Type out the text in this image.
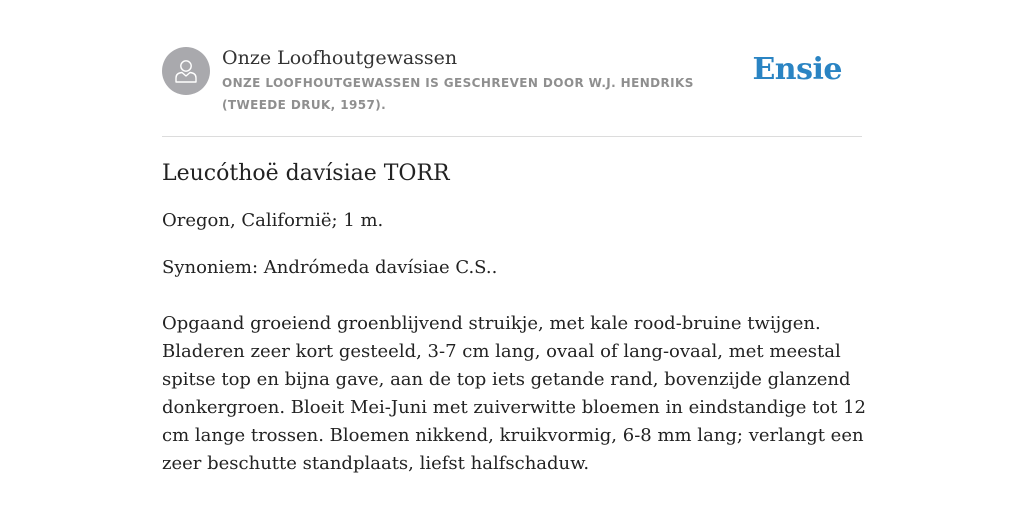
Onze Loofhoutgewassen
ONZE LOOFHOUTGEWASSEN IS GESCHREVEN DOOR W.J. HENDRIKS (TWEEDE DRUK, 1957).
Ensie
Leucóthoë davísiae TORR

Oregon, Californië; 1 m.

Synoniem: Andrómeda davísiae C.S..

Opgaand groeiend groenblijvend struikje, met kale rood-bruine twijgen. Bladeren zeer kort gesteeld, 3-7 cm lang, ovaal of lang-ovaal, met meestal spitse top en bijna gave, aan de top iets getande rand, bovenzijde glanzend donkergroen. Bloeit Mei-Juni met zuiverwitte bloemen in eindstandige tot 12 cm lange trossen. Bloemen nikkend, kruikvormig, 6-8 mm lang; verlangt een zeer beschutte standplaats, liefst halfschaduw.
